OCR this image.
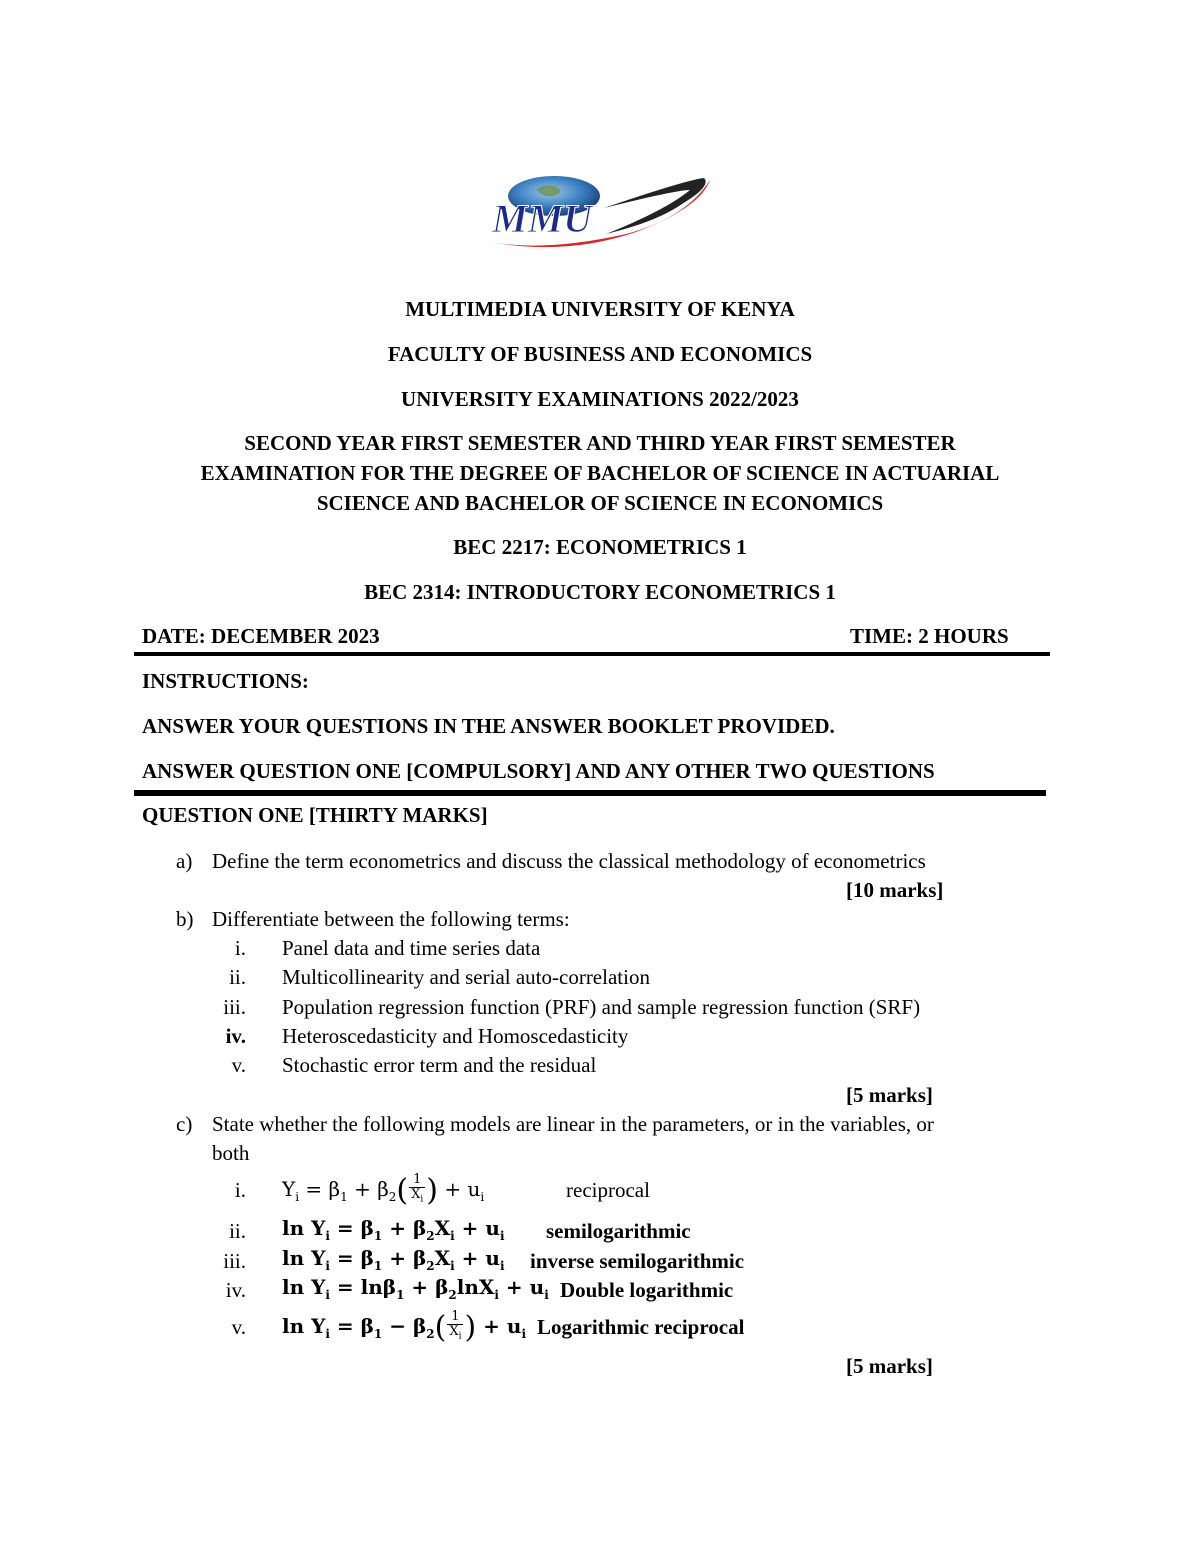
MMU
MULTIMEDIA UNIVERSITY OF KENYA
FACULTY OF BUSINESS AND ECONOMICS
UNIVERSITY EXAMINATIONS 2022/2023
SECOND YEAR FIRST SEMESTER AND THIRD YEAR FIRST SEMESTER
EXAMINATION FOR THE DEGREE OF BACHELOR OF SCIENCE IN ACTUARIAL
SCIENCE AND BACHELOR OF SCIENCE IN ECONOMICS
BEC 2217: ECONOMETRICS 1
BEC 2314: INTRODUCTORY ECONOMETRICS 1
DATE: DECEMBER 2023	TIME: 2 HOURS
INSTRUCTIONS:
ANSWER YOUR QUESTIONS IN THE ANSWER BOOKLET PROVIDED.
ANSWER QUESTION ONE [COMPULSORY] AND ANY OTHER TWO QUESTIONS
QUESTION ONE [THIRTY MARKS]
a) Define the term econometrics and discuss the classical methodology of econometrics
[10 marks]
b) Differentiate between the following terms:
i. Panel data and time series data
ii. Multicollinearity and serial auto-correlation
iii. Population regression function (PRF) and sample regression function (SRF)
iv. Heteroscedasticity and Homoscedasticity
v. Stochastic error term and the residual
[5 marks]
c) State whether the following models are linear in the parameters, or in the variables, or
both
i. $Y_i = \beta_1 + \beta_2$ ( $\frac{1}{X_i}$ ) + $u_i$	reciprocal
ii. $\ln Y_i = \beta_1 + \beta_2X_i + u_i$ semilogarithmic
iii. $\ln Y_i = \beta_1 + \beta_2X_i + u_i$ inverse semilogarithmic
iv. $\ln Y_i = \ln\beta_1 + \beta_2\ln X_i + u_i$ Double logarithmic
v. $\ln Y_i = \beta_1 - \beta_2$ ( $\frac{1}{X_i}$ ) + $u_i$ Logarithmic reciprocal
[5 marks]
